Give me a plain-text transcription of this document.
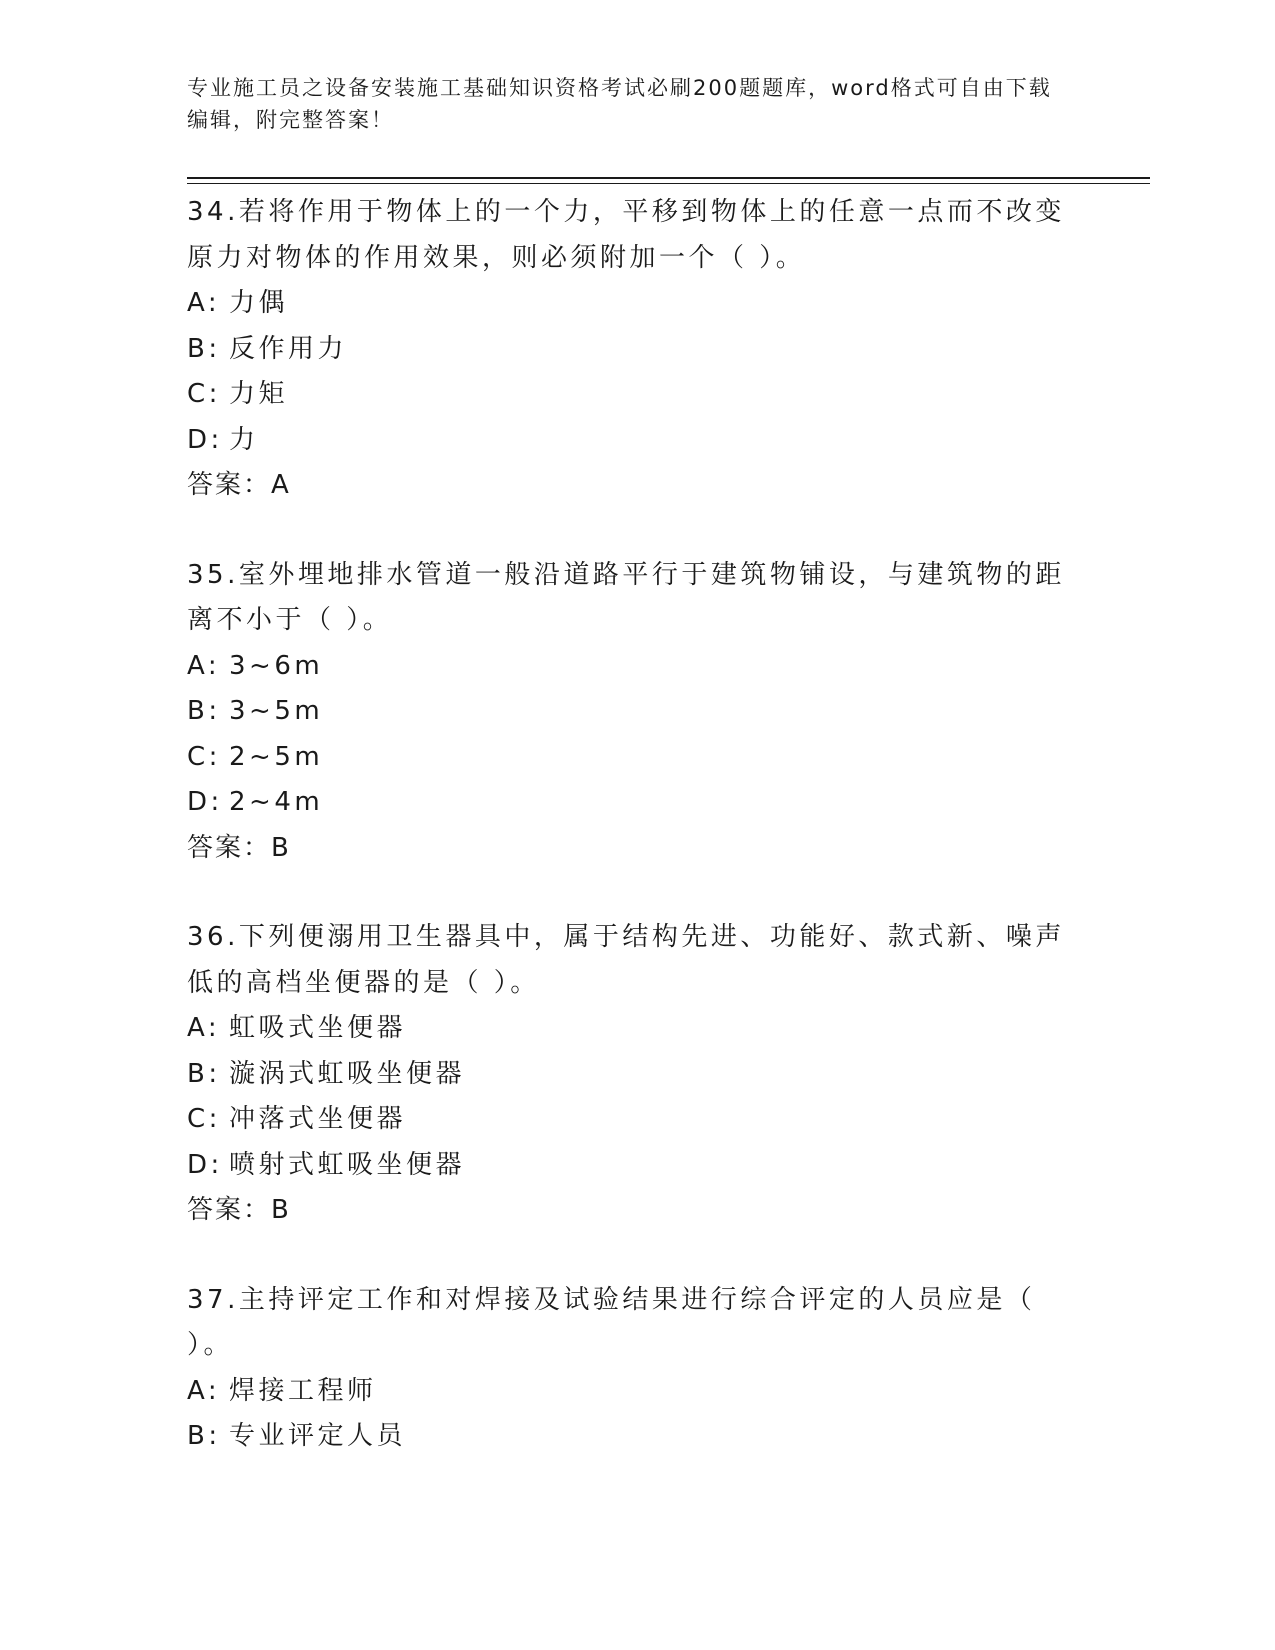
专业施工员之设备安装施工基础知识资格考试必刷200题题库，word格式可自由下载编辑，附完整答案！

34.若将作用于物体上的一个力，平移到物体上的任意一点而不改变原力对物体的作用效果，则必须附加一个（ ）。

A: 力偶
B: 反作用力
C: 力矩
D: 力
答案：A

35.室外埋地排水管道一般沿道路平行于建筑物铺设，与建筑物的距离不小于（ ）。

A: 3~6m
B: 3~5m
C: 2~5m
D: 2~4m
答案：B

36.下列便溺用卫生器具中，属于结构先进、功能好、款式新、噪声低的高档坐便器的是（ ）。

A: 虹吸式坐便器
B: 漩涡式虹吸坐便器
C: 冲落式坐便器
D: 喷射式虹吸坐便器
答案：B

37.主持评定工作和对焊接及试验结果进行综合评定的人员应是（ ）。

A: 焊接工程师
B: 专业评定人员
